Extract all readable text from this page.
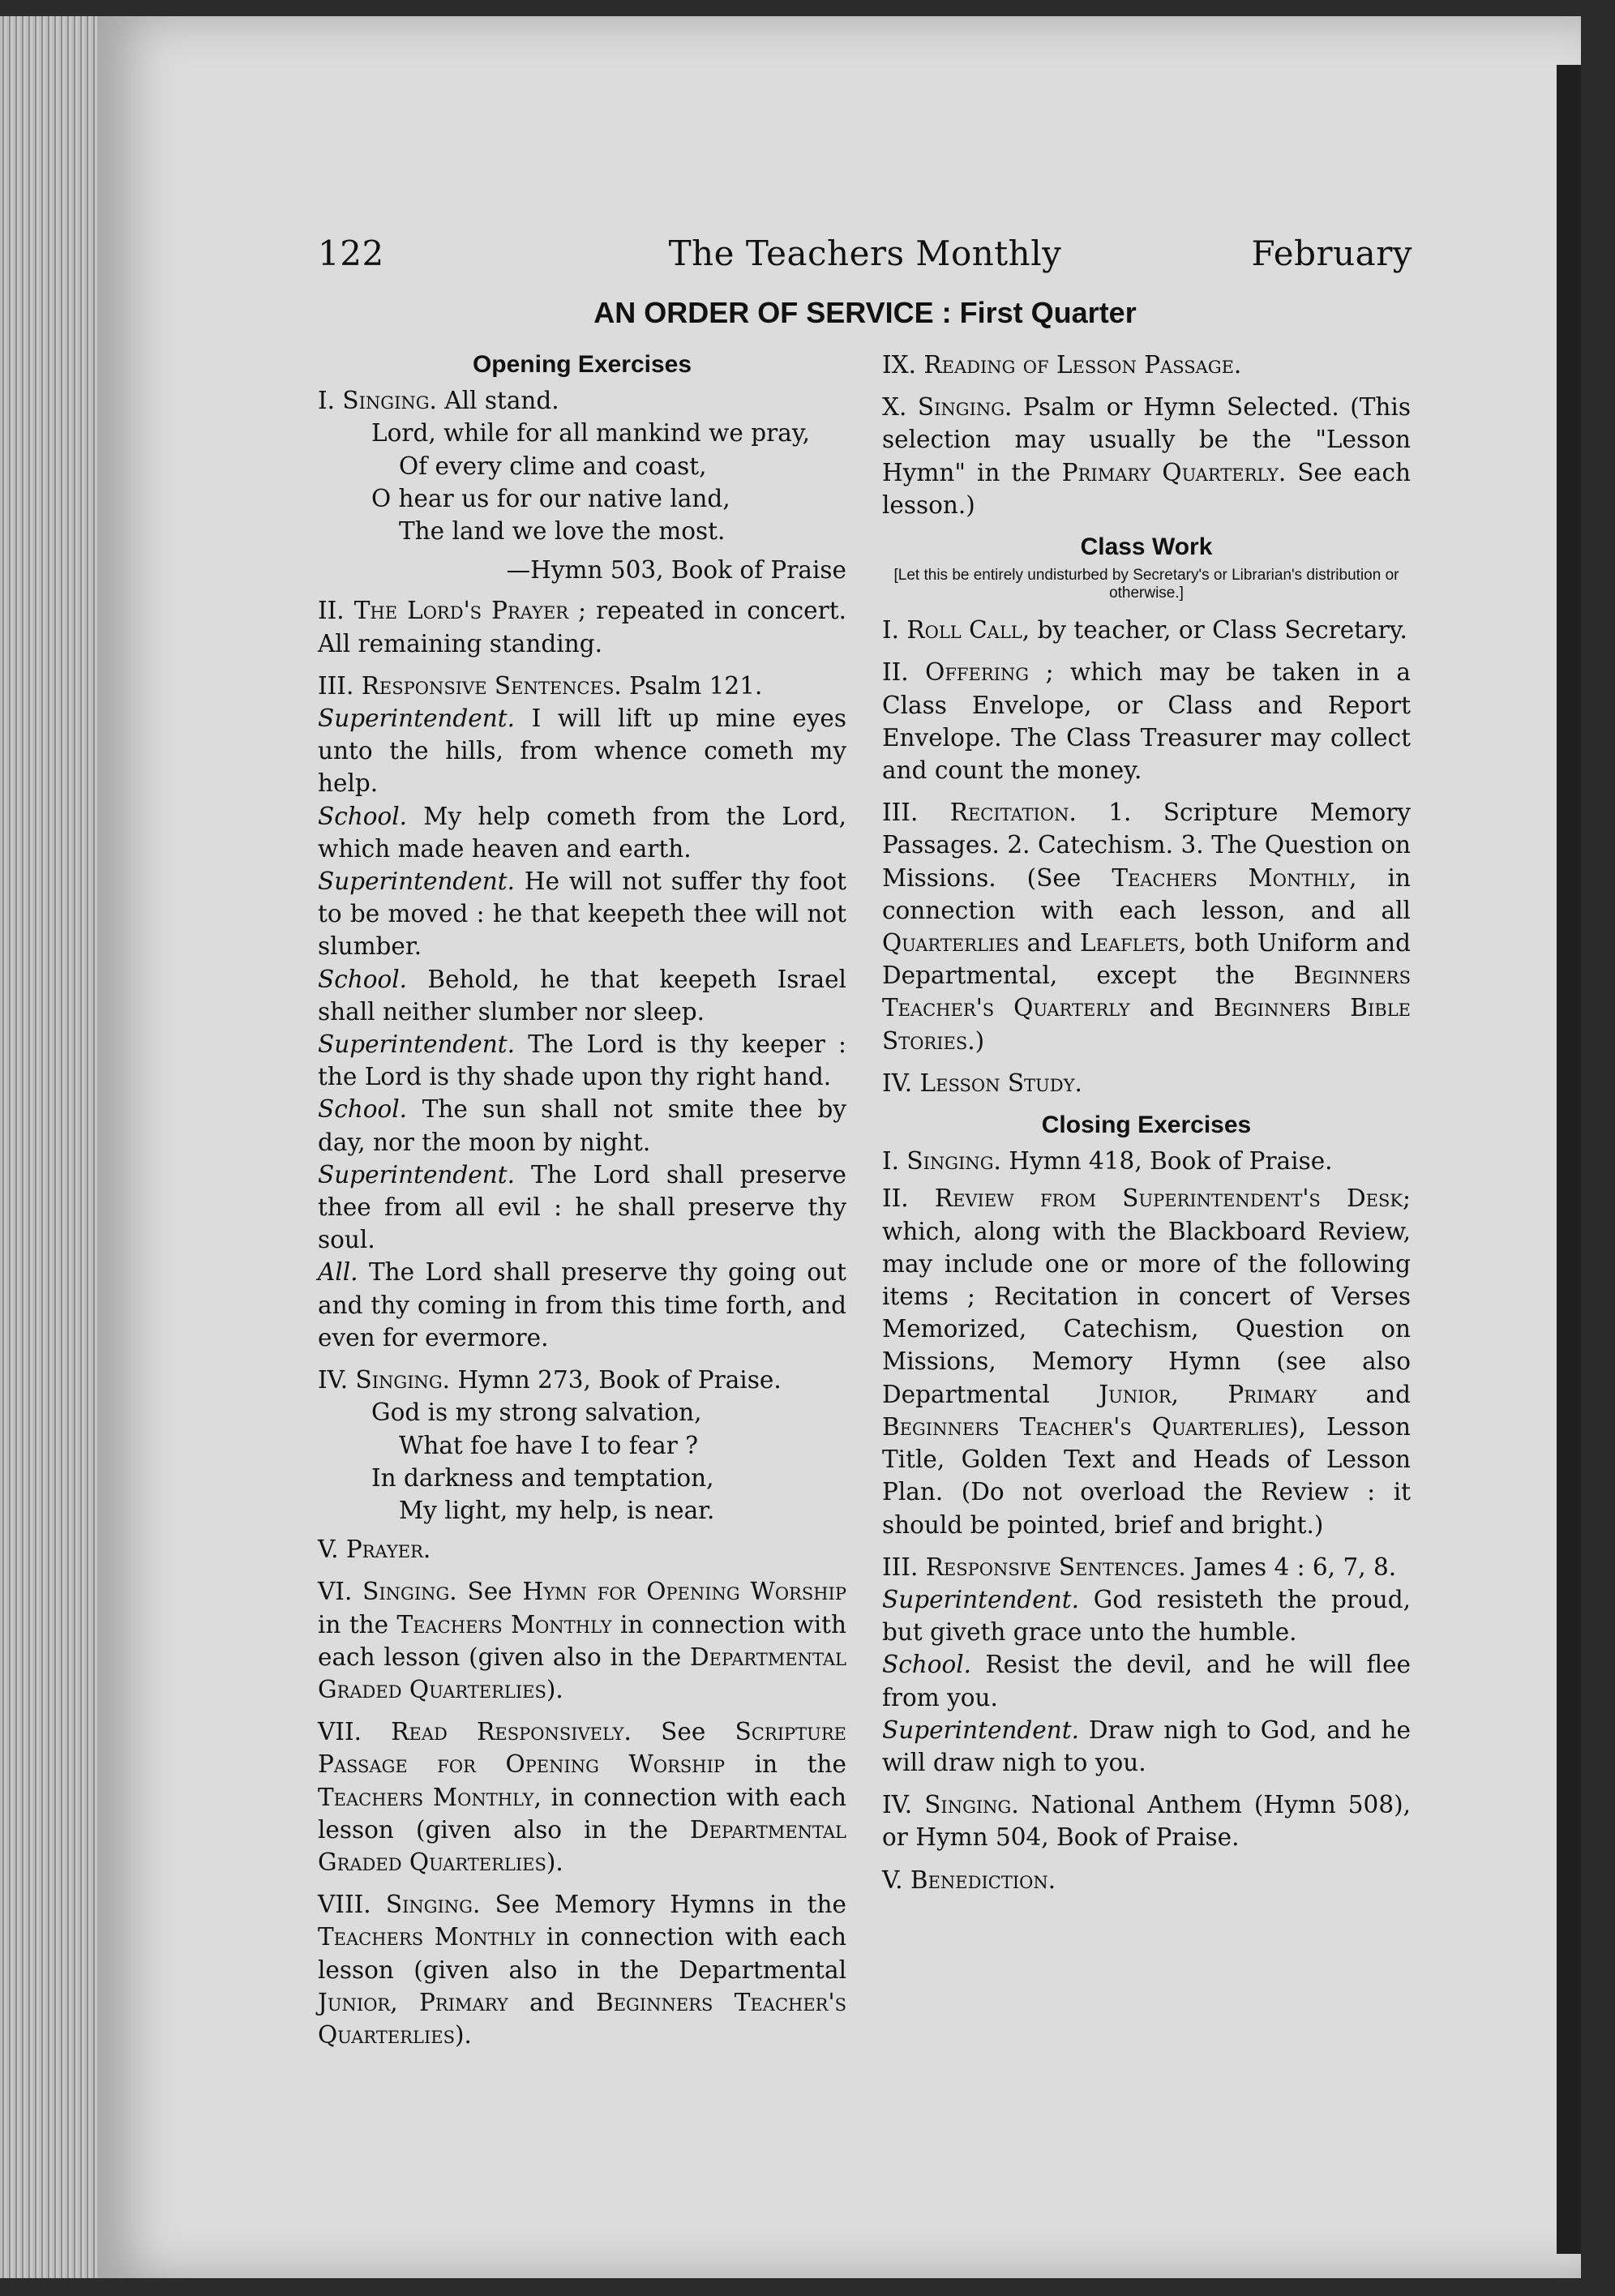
122	The Teachers Monthly	February
AN ORDER OF SERVICE : First Quarter
Opening Exercises
I. Singing. All stand.
Lord, while for all mankind we pray,
Of every clime and coast,
O hear us for our native land,
The land we love the most.
—Hymn 503, Book of Praise
II. The Lord's Prayer ; repeated in concert. All remaining standing.
III. Responsive Sentences. Psalm 121.
Superintendent. I will lift up mine eyes unto the hills, from whence cometh my help.
School. My help cometh from the Lord, which made heaven and earth.
Superintendent. He will not suffer thy foot to be moved : he that keepeth thee will not slumber.
School. Behold, he that keepeth Israel shall neither slumber nor sleep.
Superintendent. The Lord is thy keeper : the Lord is thy shade upon thy right hand.
School. The sun shall not smite thee by day, nor the moon by night.
Superintendent. The Lord shall preserve thee from all evil : he shall preserve thy soul.
All. The Lord shall preserve thy going out and thy coming in from this time forth, and even for evermore.
IV. Singing. Hymn 273, Book of Praise.
God is my strong salvation,
What foe have I to fear ?
In darkness and temptation,
My light, my help, is near.
V. Prayer.
VI. Singing. See Hymn for Opening Worship in the Teachers Monthly in connection with each lesson (given also in the Departmental Graded Quarterlies).
VII. Read Responsively. See Scripture Passage for Opening Worship in the Teachers Monthly, in connection with each lesson (given also in the Departmental Graded Quarterlies).
VIII. Singing. See Memory Hymns in the Teachers Monthly in connection with each lesson (given also in the Departmental Junior, Primary and Beginners Teacher's Quarterlies).
IX. Reading of Lesson Passage.
X. Singing. Psalm or Hymn Selected. (This selection may usually be the "Lesson Hymn" in the Primary Quarterly. See each lesson.)
Class Work
[Let this be entirely undisturbed by Secretary's or Librarian's distribution or otherwise.]
I. Roll Call, by teacher, or Class Secretary.
II. Offering ; which may be taken in a Class Envelope, or Class and Report Envelope. The Class Treasurer may collect and count the money.
III. Recitation. 1. Scripture Memory Passages. 2. Catechism. 3. The Question on Missions. (See Teachers Monthly, in connection with each lesson, and all Quarterlies and Leaflets, both Uniform and Departmental, except the Beginners Teacher's Quarterly and Beginners Bible Stories.)
IV. Lesson Study.
Closing Exercises
I. Singing. Hymn 418, Book of Praise.
II. Review from Superintendent's Desk; which, along with the Blackboard Review, may include one or more of the following items ; Recitation in concert of Verses Memorized, Catechism, Question on Missions, Memory Hymn (see also Departmental Junior, Primary and Beginners Teacher's Quarterlies), Lesson Title, Golden Text and Heads of Lesson Plan. (Do not overload the Review : it should be pointed, brief and bright.)
III. Responsive Sentences. James 4 : 6, 7, 8.
Superintendent. God resisteth the proud, but giveth grace unto the humble.
School. Resist the devil, and he will flee from you.
Superintendent. Draw nigh to God, and he will draw nigh to you.
IV. Singing. National Anthem (Hymn 508), or Hymn 504, Book of Praise.
V. Benediction.
